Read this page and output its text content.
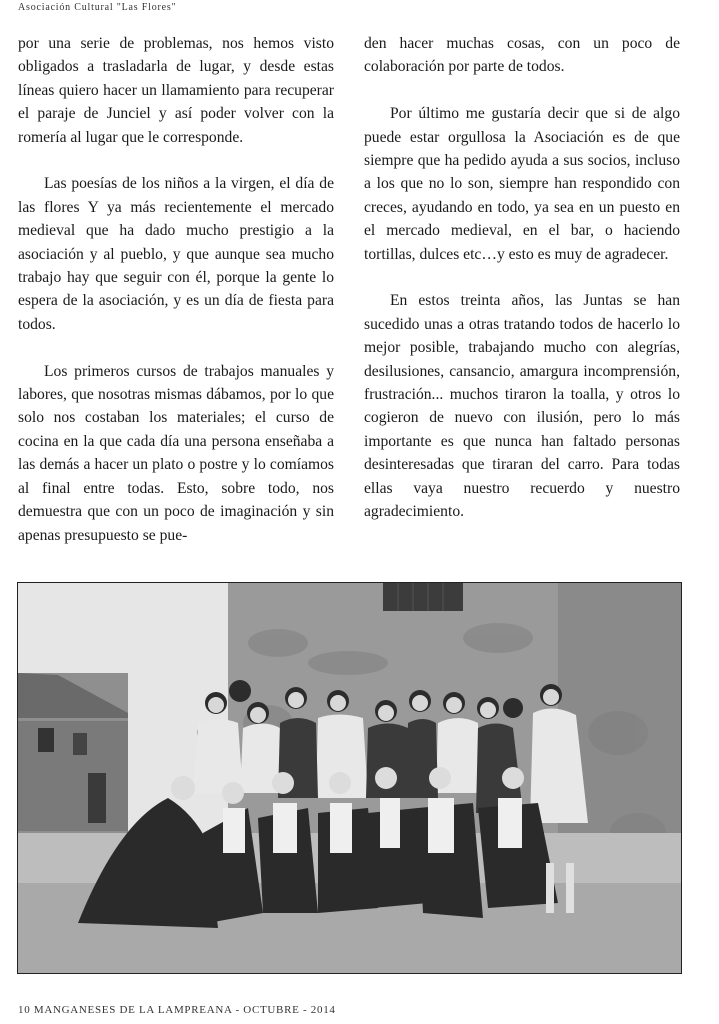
Asociación Cultural "Las Flores"

por una serie de problemas, nos hemos visto obligados a trasladarla de lugar, y desde estas líneas quiero hacer un llamamiento para recuperar el paraje de Junciel y así poder volver con la romería al lugar que le corresponde.

Las poesías de los niños a la virgen, el día de las flores Y ya más recientemente el mercado medieval que ha dado mucho prestigio a la asociación y al pueblo, y que aunque sea mucho trabajo hay que seguir con él, porque la gente lo espera de la asociación, y es un día de fiesta para todos.

Los primeros cursos de trabajos manuales y labores, que nosotras mismas dábamos, por lo que solo nos costaban los materiales; el curso de cocina en la que cada día una persona enseñaba a las demás a hacer un plato o postre y lo comíamos al final entre todas. Esto, sobre todo, nos demuestra que con un poco de imaginación y sin apenas presupuesto se pue-

den hacer muchas cosas, con un poco de colaboración por parte de todos.

Por último me gustaría decir que si de algo puede estar orgullosa la Asociación es de que siempre que ha pedido ayuda a sus socios, incluso a los que no lo son, siempre han respondido con creces, ayudando en todo, ya sea en un puesto en el mercado medieval, en el bar, o haciendo tortillas, dulces etc…y esto es muy de agradecer.

En estos treinta años, las Juntas se han sucedido unas a otras tratando todos de hacerlo lo mejor posible, trabajando mucho con alegrías, desilusiones, cansancio, amargura incomprensión, frustración... muchos tiraron la toalla, y otros lo cogieron de nuevo con ilusión, pero lo más importante es que nunca han faltado personas desinteresadas que tiraran del carro. Para todas ellas vaya nuestro recuerdo y nuestro agradecimiento.

10 MANGANESES DE LA LAMPREANA - OCTUBRE - 2014
